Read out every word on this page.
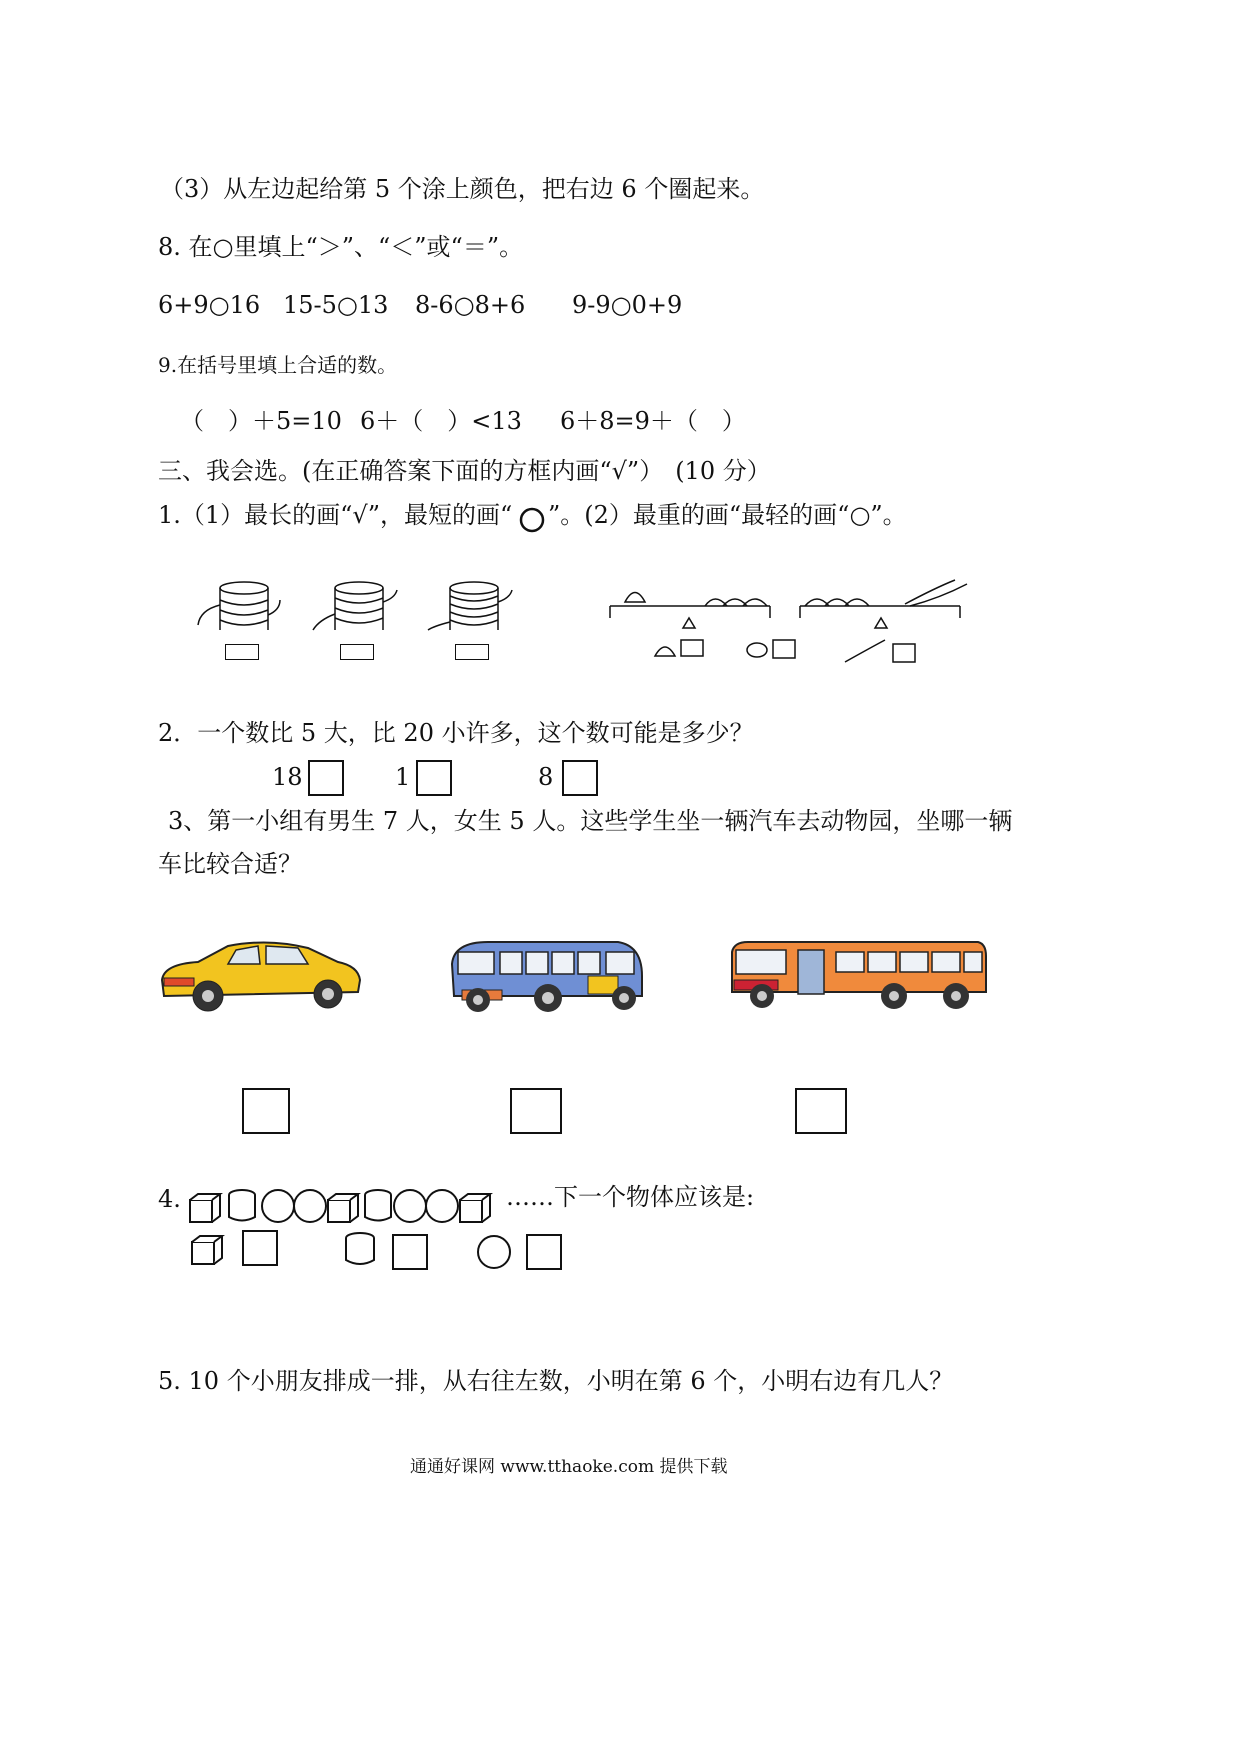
（3）从左边起给第 5 个涂上颜色，把右边 6 个圈起来。
8. 在○里填上“＞”、“＜”或“＝”。
6+9○16 15-5○13 8-6○8+6 9-9○0+9
9.在括号里填上合适的数。
（　）＋5=10 6＋（　）<13 6＋8=9＋（　）
三、我会选。(在正确答案下面的方框内画“√”）　(10 分）
1.（1）最长的画“√”，最短的画“ ”。(2）最重的画“最轻的画“○”。
2．一个数比 5 大，比 20 小许多，这个数可能是多少？
18	1	8
3、第一小组有男生 7 人，女生 5 人。这些学生坐一辆汽车去动物园，坐哪一辆
车比较合适？
4.	……下一个物体应该是:
5. 10 个小朋友排成一排，从右往左数，小明在第 6 个，小明右边有几人？
通通好课网 www.tthaoke.com 提供下载
